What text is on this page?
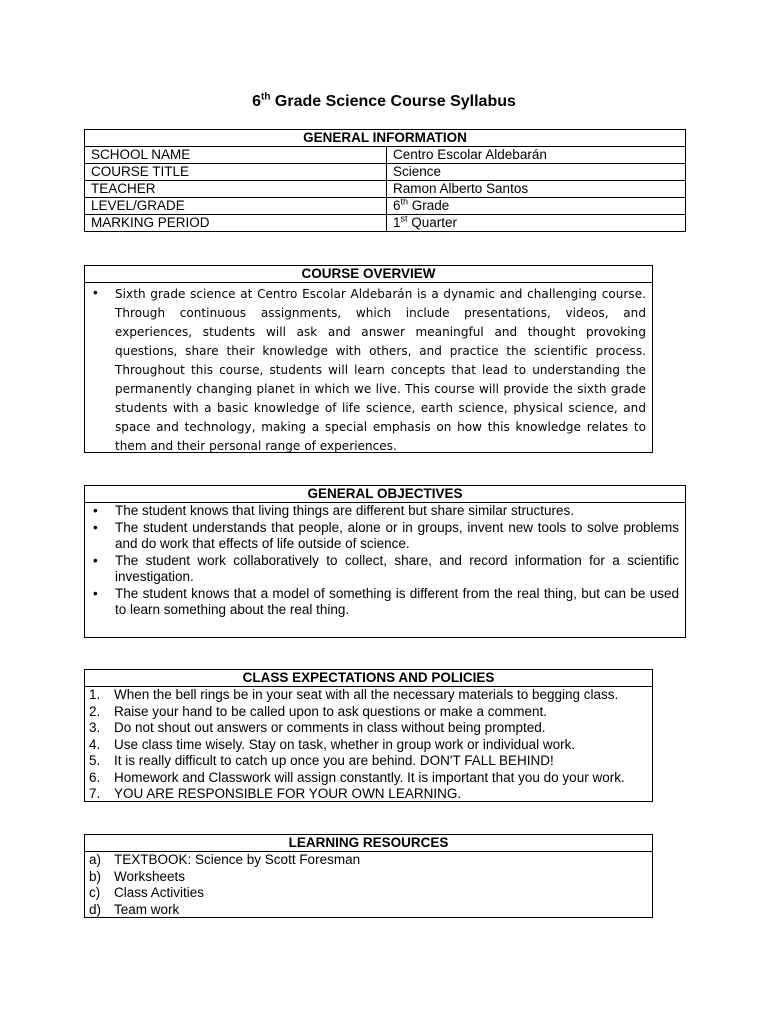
6th Grade Science Course Syllabus
GENERAL INFORMATION	
SCHOOL NAME	Centro Escolar Aldebarán
COURSE TITLE	Science
TEACHER	Ramon Alberto Santos
LEVEL/GRADE	6th Grade
MARKING PERIOD	1st Quarter
COURSE OVERVIEW
•	Sixth grade science at Centro Escolar Aldebarán is a dynamic and challenging course. Through continuous assignments, which include presentations, videos, and experiences, students will ask and answer meaningful and thought provoking questions, share their knowledge with others, and practice the scientific process. Throughout this course, students will learn concepts that lead to understanding the permanently changing planet in which we live. This course will provide the sixth grade students with a basic knowledge of life science, earth science, physical science, and space and technology, making a special emphasis on how this knowledge relates to them and their personal range of experiences.
GENERAL OBJECTIVES
•	The student knows that living things are different but share similar structures.
•	The student understands that people, alone or in groups, invent new tools to solve problems and do work that effects of life outside of science.
•	The student work collaboratively to collect, share, and record information for a scientific investigation.
•	The student knows that a model of something is different from the real thing, but can be used to learn something about the real thing.
CLASS EXPECTATIONS AND POLICIES
1.	When the bell rings be in your seat with all the necessary materials to begging class.
2.	Raise your hand to be called upon to ask questions or make a comment.
3.	Do not shout out answers or comments in class without being prompted.
4.	Use class time wisely. Stay on task, whether in group work or individual work.
5.	It is really difficult to catch up once you are behind. DON'T FALL BEHIND!
6.	Homework and Classwork will assign constantly. It is important that you do your work.
7.	YOU ARE RESPONSIBLE FOR YOUR OWN LEARNING.
LEARNING RESOURCES
a) TEXTBOOK: Science by Scott Foresman
b) Worksheets
c)	Class Activities
d) Team work
